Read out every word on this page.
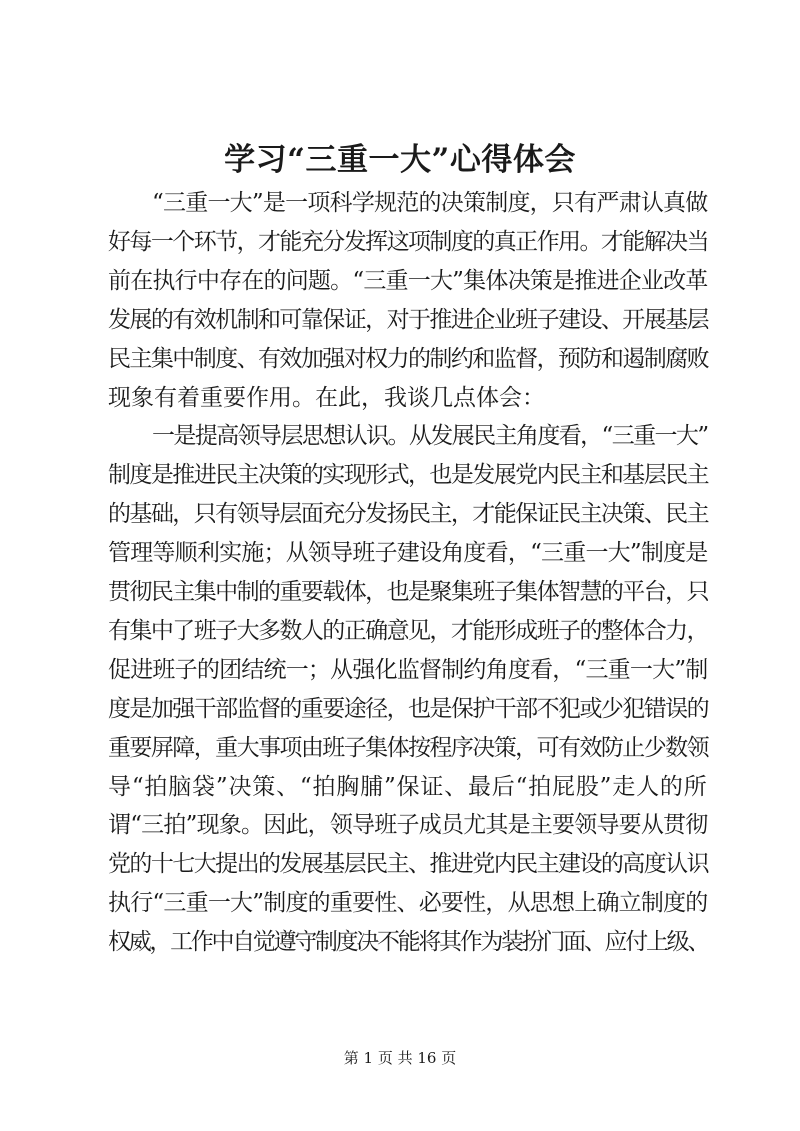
学习“三重一大”心得体会
“三重一大”是一项科学规范的决策制度，只有严肃认真做
好每一个环节，才能充分发挥这项制度的真正作用。才能解决当
前在执行中存在的问题。“三重一大”集体决策是推进企业改革
发展的有效机制和可靠保证，对于推进企业班子建设、开展基层
民主集中制度、有效加强对权力的制约和监督，预防和遏制腐败
现象有着重要作用。在此，我谈几点体会：
一是提高领导层思想认识。从发展民主角度看，“三重一大”
制度是推进民主决策的实现形式，也是发展党内民主和基层民主
的基础，只有领导层面充分发扬民主，才能保证民主决策、民主
管理等顺利实施；从领导班子建设角度看，“三重一大”制度是
贯彻民主集中制的重要载体，也是聚集班子集体智慧的平台，只
有集中了班子大多数人的正确意见，才能形成班子的整体合力，
促进班子的团结统一；从强化监督制约角度看，“三重一大”制
度是加强干部监督的重要途径，也是保护干部不犯或少犯错误的
重要屏障，重大事项由班子集体按程序决策，可有效防止少数领
导“拍脑袋”决策、“拍胸脯”保证、最后“拍屁股”走人的所
谓“三拍”现象。因此，领导班子成员尤其是主要领导要从贯彻
党的十七大提出的发展基层民主、推进党内民主建设的高度认识
执行“三重一大”制度的重要性、必要性，从思想上确立制度的
权威，工作中自觉遵守制度决不能将其作为装扮门面、应付上级、
第 1 页 共 16 页
